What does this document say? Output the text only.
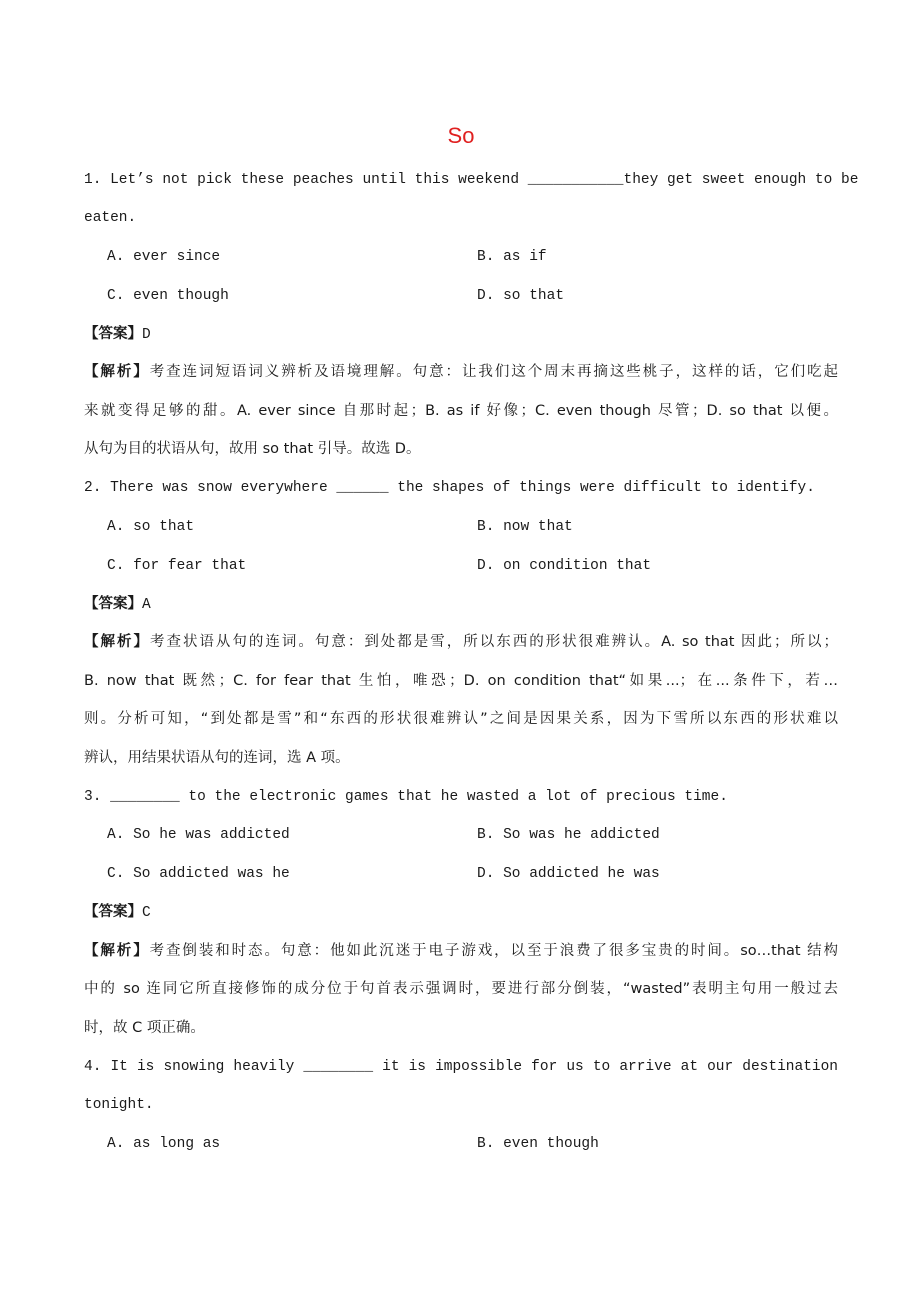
So
1. Let’s not pick these peaches until this weekend ___________they get sweet enough to be
eaten.
A. ever since	B. as if
C. even though	D. so that
【答案】D
【解析】考查连词短语词义辨析及语境理解。句意：让我们这个周末再摘这些桃子，这样的话，它们吃起
来就变得足够的甜。A. ever since 自那时起；B. as if 好像；C. even though 尽管；D. so that 以便。
从句为目的状语从句，故用 so that 引导。故选 D。
2. There was snow everywhere ______ the shapes of things were difficult to identify.
A. so that	B. now that
C. for fear that	D. on condition that
【答案】A
【解析】考查状语从句的连词。句意：到处都是雪，所以东西的形状很难辨认。A. so that 因此；所以；
B. now that 既然；C. for fear that 生怕，唯恐；D. on condition that“如果...；在...条件下，若…
则。分析可知，“到处都是雪”和“东西的形状很难辨认”之间是因果关系，因为下雪所以东西的形状难以
辨认，用结果状语从句的连词，选 A 项。
3. ________ to the electronic games that he wasted a lot of precious time.
A. So he was addicted	B. So was he addicted
C. So addicted was he	D. So addicted he was
【答案】C
【解析】考查倒装和时态。句意：他如此沉迷于电子游戏，以至于浪费了很多宝贵的时间。so…that 结构
中的 so 连同它所直接修饰的成分位于句首表示强调时，要进行部分倒装，“wasted”表明主句用一般过去
时，故 C 项正确。
4. It is snowing heavily ________ it is impossible for us to arrive at our destination
tonight.
A. as long as	B. even though
